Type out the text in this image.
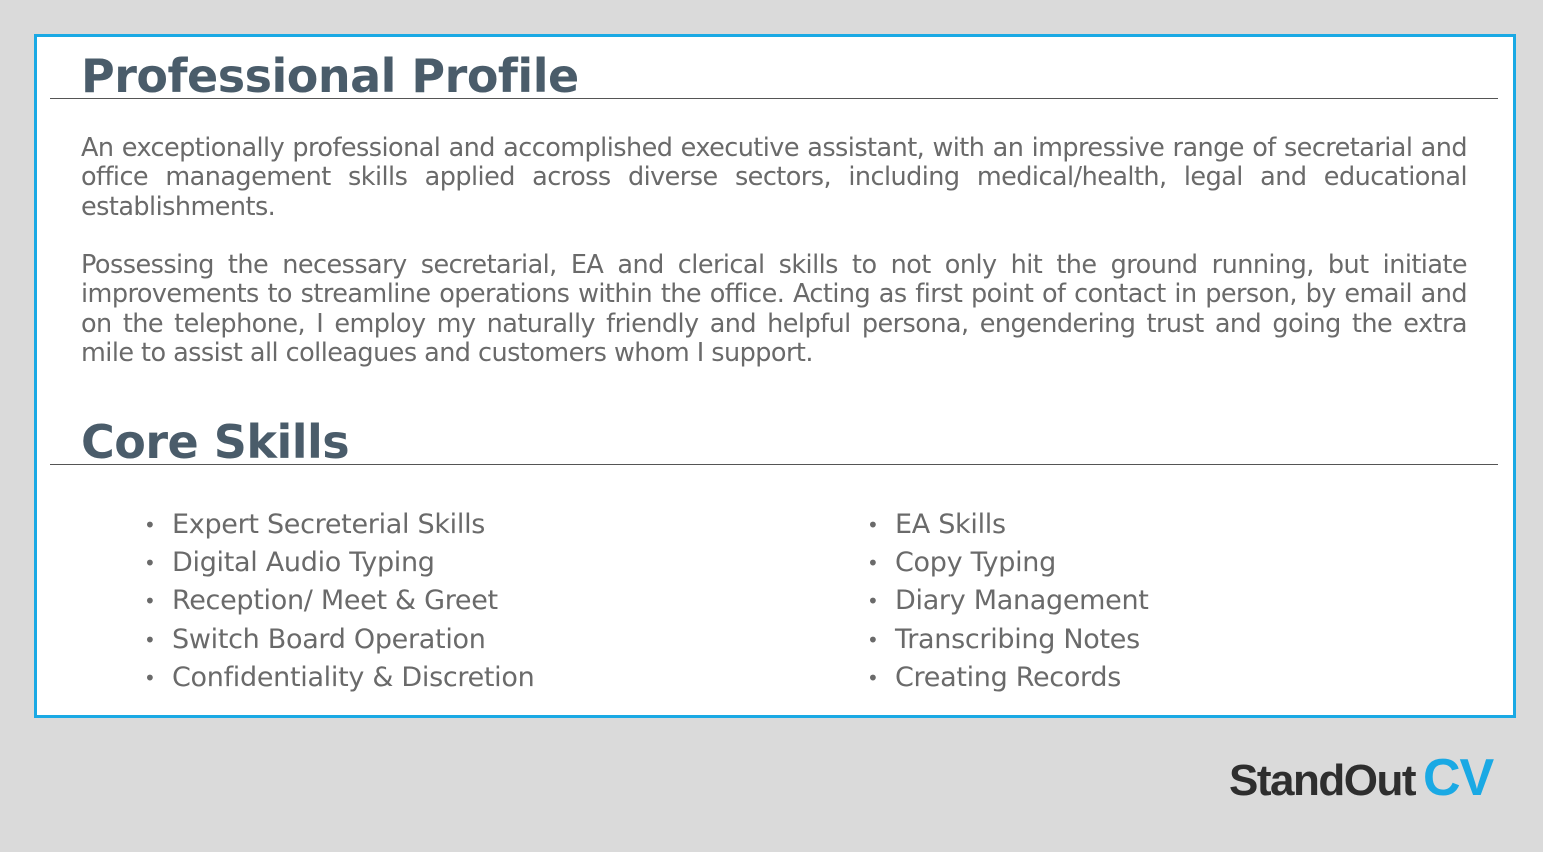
Professional Profile

An exceptionally professional and accomplished executive assistant, with an impressive range of secretarial and office management skills applied across diverse sectors, including medical/health, legal and educational establishments.

Possessing the necessary secretarial, EA and clerical skills to not only hit the ground running, but initiate improvements to streamline operations within the office. Acting as first point of contact in person, by email and on the telephone, I employ my naturally friendly and helpful persona, engendering trust and going the extra mile to assist all colleagues and customers whom I support.

Core Skills
• Expert Secreterial Skills
• Digital Audio Typing
• Reception/ Meet & Greet
• Switch Board Operation
• Confidentiality & Discretion
• EA Skills
• Copy Typing
• Diary Management
• Transcribing Notes
• Creating Records
StandOut CV
